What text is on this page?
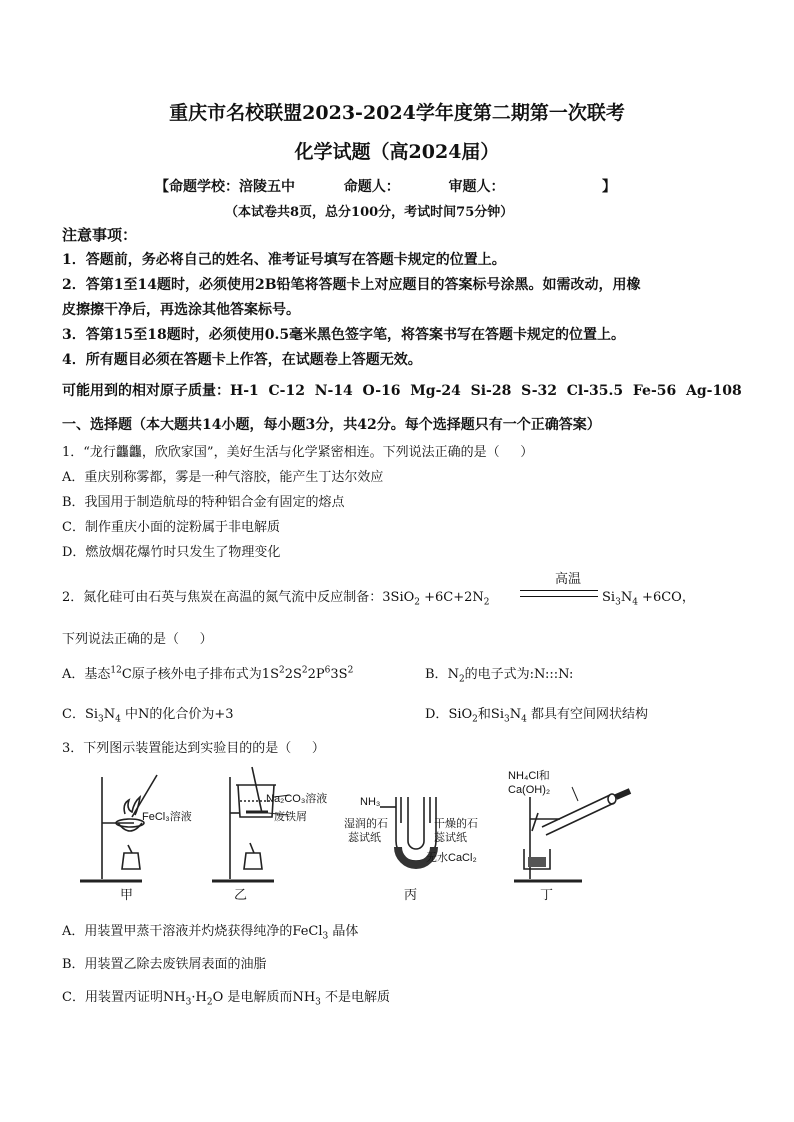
重庆市名校联盟2023-2024学年度第二期第一次联考
化学试题（高2024届）
【命题学校：涪陵五中          命题人：          审题人：                    】
（本试卷共8页，总分100分，考试时间75分钟）
注意事项：
1．答题前，务必将自己的姓名、准考证号填写在答题卡规定的位置上。
2．答第1至14题时，必须使用2B铅笔将答题卡上对应题目的答案标号涂黑。如需改动，用橡
皮擦擦干净后，再选涂其他答案标号。
3．答第15至18题时，必须使用0.5毫米黑色签字笔，将答案书写在答题卡规定的位置上。
4．所有题目必须在答题卡上作答，在试题卷上答题无效。
可能用到的相对原子质量：H-1  C-12  N-14  O-16  Mg-24  Si-28  S-32  Cl-35.5  Fe-56  Ag-108
一、选择题（本大题共14小题，每小题3分，共42分。每个选择题只有一个正确答案）
1．“龙行龘龘，欣欣家国”，美好生活与化学紧密相连。下列说法正确的是（     ）
A．重庆别称雾都，雾是一种气溶胶，能产生丁达尔效应
B．我国用于制造航母的特种铝合金有固定的熔点
C．制作重庆小面的淀粉属于非电解质
D．燃放烟花爆竹时只发生了物理变化
2．氮化硅可由石英与焦炭在高温的氮气流中反应制备：$3SiO_2 +6C+2N_2$
高温
$Si_3N_4 +6CO$，
下列说法正确的是（     ）
A．基态$^{12}$C原子核外电子排布式为$1S^22S^22P^63S^2$	B．$N_2$的电子式为:N:::N:
C．$Si_3N_4$ 中N的化合价为+3	D．SiO$_2$和$Si_3N_4$ 都具有空间网状结构
3．下列图示装置能达到实验目的的是（     ）
FeCl₃溶液
Na₂CO₃溶液
废铁屑
NH₃
湿润的石
蕊试纸
干燥的石
蕊试纸
无水CaCl₂
NH₄Cl和
Ca(OH)₂
甲	乙	丙	丁
A．用装置甲蒸干溶液并灼烧获得纯净的FeCl$_3$ 晶体
B．用装置乙除去废铁屑表面的油脂
C．用装置丙证明$NH_3\cdot H_2O$ 是电解质而$NH_3$ 不是电解质
